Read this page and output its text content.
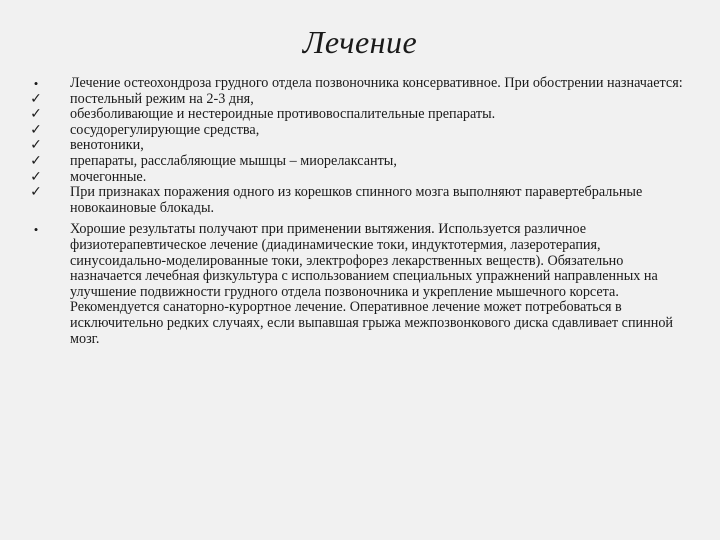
Лечение
•	Лечение остеохондроза грудного отдела позвоночника консервативное. При обострении назначается:
✓ постельный режим на 2-3 дня,
✓ обезболивающие и нестероидные противовоспалительные препараты.
✓ сосудорегулирующие средства,
✓ венотоники,
✓ препараты, расслабляющие мышцы – миорелаксанты,
✓ мочегонные.
✓ При признаках поражения одного из корешков спинного мозга выполняют паравертебральные новокаиновые блокады.
•	Хорошие результаты получают при применении вытяжения. Используется различное физиотерапевтическое лечение (диадинамические токи, индуктотермия, лазеротерапия, синусоидально-моделированные токи, электрофорез лекарственных веществ). Обязательно назначается лечебная физкультура с использованием специальных упражнений направленных на улучшение подвижности грудного отдела позвоночника и укрепление мышечного корсета. Рекомендуется санаторно-курортное лечение. Оперативное лечение может потребоваться в исключительно редких случаях, если выпавшая грыжа межпозвонкового диска сдавливает спинной мозг.
